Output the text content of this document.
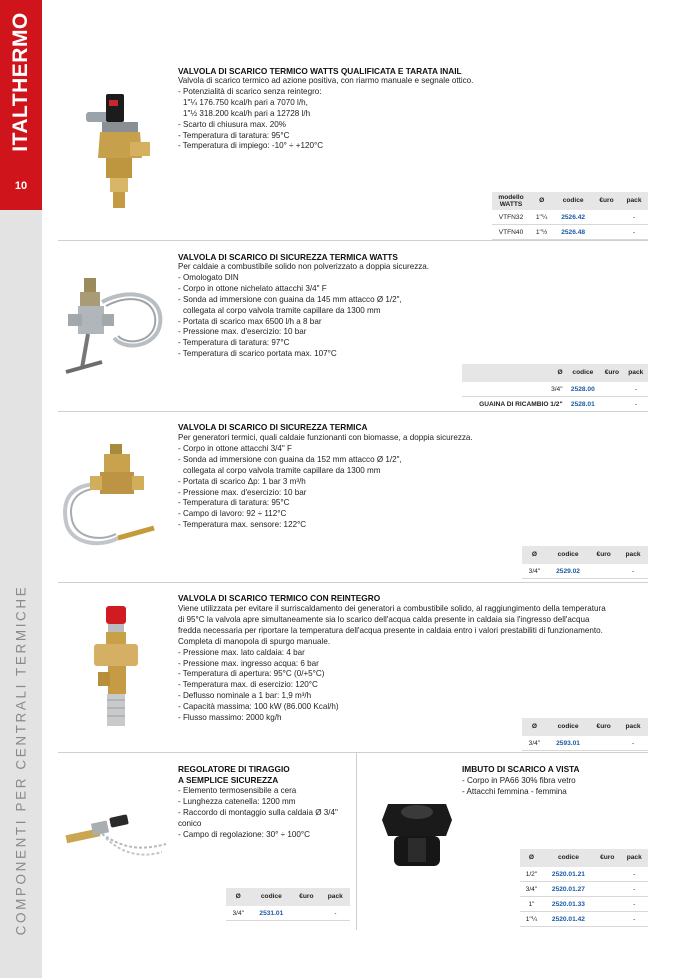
ITALTHERMO
10
COMPONENTI PER CENTRALI TERMICHE
VALVOLA DI SCARICO TERMICO WATTS QUALIFICATA E TARATA INAIL
Valvola di scarico termico ad azione positiva, con riarmo manuale e segnale ottico.
- Potenzialità di scarico senza reintegro:
1"¼ 176.750 kcal/h pari a 7070 l/h,
1"½ 318.200 kcal/h pari a 12728 l/h
- Scarto di chiusura max. 20%
- Temperatura di taratura: 95°C
- Temperatura di impiego: -10° ÷ +120°C
modello WATTS	Ø	codice	€uro	pack
VTFN32	1"¼	2526.42		-
VTFN40	1"½	2526.48		-
VALVOLA DI SCARICO DI SICUREZZA TERMICA WATTS
Per caldaie a combustibile solido non polverizzato a doppia sicurezza.
- Omologato DIN
- Corpo in ottone nichelato attacchi 3/4" F
- Sonda ad immersione con guaina da 145 mm attacco Ø 1/2",
collegata al corpo valvola tramite capillare da 1300 mm
- Portata di scarico max 6500 l/h a 8 bar
- Pressione max. d'esercizio: 10 bar
- Temperatura di taratura: 97°C
- Temperatura di scarico portata max. 107°C
	Ø	codice	€uro	pack
3/4"		2528.00		-
GUAINA DI RICAMBIO 1/2"		2528.01		-
VALVOLA DI SCARICO DI SICUREZZA TERMICA
Per generatori termici, quali caldaie funzionanti con biomasse, a doppia sicurezza.
- Corpo in ottone attacchi 3/4" F
- Sonda ad immersione con guaina da 152 mm attacco Ø 1/2",
collegata al corpo valvola tramite capillare da 1300 mm
- Portata di scarico Δp: 1 bar 3 m³/h
- Pressione max. d'esercizio: 10 bar
- Temperatura di taratura: 95°C
- Campo di lavoro: 92 ÷ 112°C
- Temperatura max. sensore: 122°C
Ø	codice	€uro	pack
3/4"	2529.02		-
VALVOLA DI SCARICO TERMICO CON REINTEGRO
Viene utilizzata per evitare il surriscaldamento dei generatori a combustibile solido, al raggiungimento della temperatura
di 95°C la valvola apre simultaneamente sia lo scarico dell'acqua calda presente in caldaia sia l'ingresso dell'acqua
fredda necessaria per riportare la temperatura dell'acqua presente in caldaia entro i valori prestabiliti di funzionamento.
Completa di manopola di spurgo manuale.
- Pressione max. lato caldaia: 4 bar
- Pressione max. ingresso acqua: 6 bar
- Temperatura di apertura: 95°C (0/+5°C)
- Temperatura max. di esercizio: 120°C
- Deflusso nominale a 1 bar: 1,9 m³/h
- Capacità massima: 100 kW (86.000 Kcal/h)
- Flusso massimo: 2000 kg/h
Ø	codice	€uro	pack
3/4"	2593.01		-
REGOLATORE DI TIRAGGIO
A SEMPLICE SICUREZZA
- Elemento termosensibile a cera
- Lunghezza catenella: 1200 mm
- Raccordo di montaggio sulla caldaia Ø 3/4"
conico
- Campo di regolazione: 30° ÷ 100°C
Ø	codice	€uro	pack
3/4"	2531.01		-
IMBUTO DI SCARICO A VISTA
- Corpo in PA66 30% fibra vetro
- Attacchi femmina - femmina
Ø	codice	€uro	pack
1/2"	2520.01.21		-
3/4"	2520.01.27		-
1"	2520.01.33		-
1"¼	2520.01.42		-
